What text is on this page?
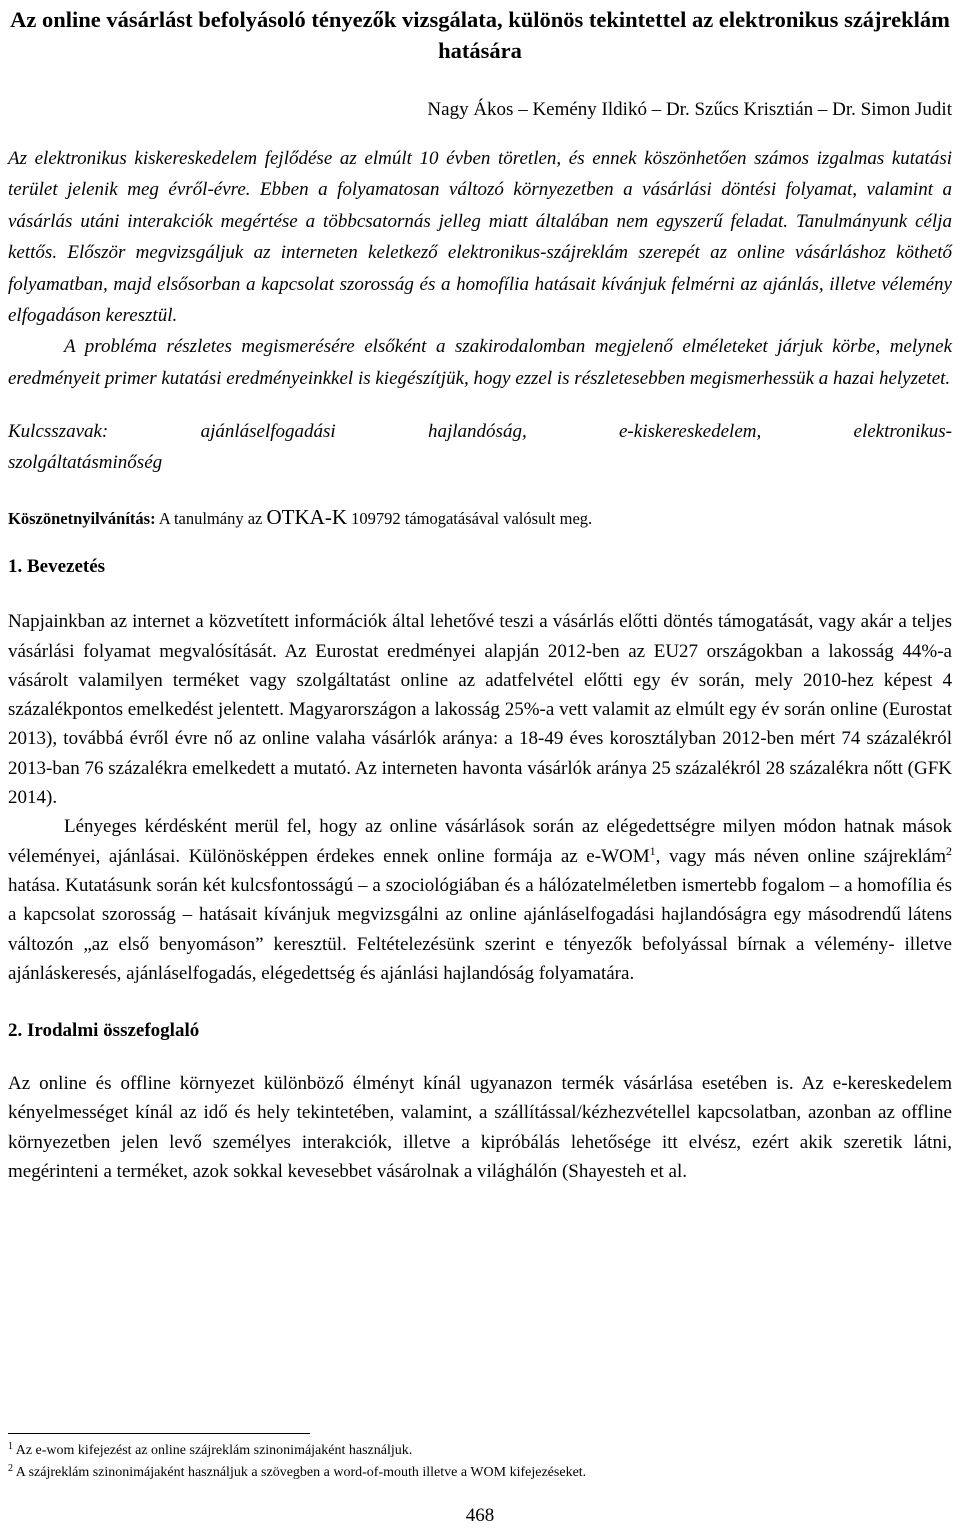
Az online vásárlást befolyásoló tényezők vizsgálata, különös tekintettel az elektronikus szájreklám hatására

Nagy Ákos – Kemény Ildikó – Dr. Szűcs Krisztián – Dr. Simon Judit

Az elektronikus kiskereskedelem fejlődése az elmúlt 10 évben töretlen, és ennek köszönhetően számos izgalmas kutatási terület jelenik meg évről-évre. Ebben a folyamatosan változó környezetben a vásárlási döntési folyamat, valamint a vásárlás utáni interakciók megértése a többcsatornás jelleg miatt általában nem egyszerű feladat. Tanulmányunk célja kettős. Először megvizsgáljuk az interneten keletkező elektronikus-szájreklám szerepét az online vásárláshoz köthető folyamatban, majd elsősorban a kapcsolat szorosság és a homofília hatásait kívánjuk felmérni az ajánlás, illetve vélemény elfogadáson keresztül.
A probléma részletes megismerésére elsőként a szakirodalomban megjelenő elméleteket járjuk körbe, melynek eredményeit primer kutatási eredményeinkkel is kiegészítjük, hogy ezzel is részletesebben megismerhessük a hazai helyzetet.

Kulcsszavak:	ajánláselfogadási hajlandóság, e-kiskereskedelem, elektronikus-
szolgáltatásminőség

Köszönetnyilvánítás: A tanulmány az OTKA-K 109792 támogatásával valósult meg.

1. Bevezetés

Napjainkban az internet a közvetített információk által lehetővé teszi a vásárlás előtti döntés támogatását, vagy akár a teljes vásárlási folyamat megvalósítását. Az Eurostat eredményei alapján 2012-ben az EU27 országokban a lakosság 44%-a vásárolt valamilyen terméket vagy szolgáltatást online az adatfelvétel előtti egy év során, mely 2010-hez képest 4 százalékpontos emelkedést jelentett. Magyarországon a lakosság 25%-a vett valamit az elmúlt egy év során online (Eurostat 2013), továbbá évről évre nő az online valaha vásárlók aránya: a 18-49 éves korosztályban 2012-ben mért 74 százalékról 2013-ban 76 százalékra emelkedett a mutató. Az interneten havonta vásárlók aránya 25 százalékról 28 százalékra nőtt (GFK 2014).

Lényeges kérdésként merül fel, hogy az online vásárlások során az elégedettségre milyen módon hatnak mások véleményei, ajánlásai. Különösképpen érdekes ennek online formája az e-WOM$^1$, vagy más néven online szájreklám$^2$ hatása. Kutatásunk során két kulcsfontosságú – a szociológiában és a hálózatelméletben ismertebb fogalom – a homofília és a kapcsolat szorosság – hatásait kívánjuk megvizsgálni az online ajánláselfogadási hajlandóságra egy másodrendű látens változón „az első benyomáson” keresztül. Feltételezésünk szerint e tényezők befolyással bírnak a vélemény- illetve ajánláskeresés, ajánláselfogadás, elégedettség és ajánlási hajlandóság folyamatára.

2. Irodalmi összefoglaló

Az online és offline környezet különböző élményt kínál ugyanazon termék vásárlása esetében is. Az e-kereskedelem kényelmességet kínál az idő és hely tekintetében, valamint, a szállítással/kézhezvétellel kapcsolatban, azonban az offline környezetben jelen levő személyes interakciók, illetve a kipróbálás lehetősége itt elvész, ezért akik szeretik látni, megérinteni a terméket, azok sokkal kevesebbet vásárolnak a világhálón (Shayesteh et al.

$^1$ Az e-wom kifejezést az online szájreklám szinonimájaként használjuk.
$^2$ A szájreklám szinonimájaként használjuk a szövegben a word-of-mouth illetve a WOM kifejezéseket.
468
